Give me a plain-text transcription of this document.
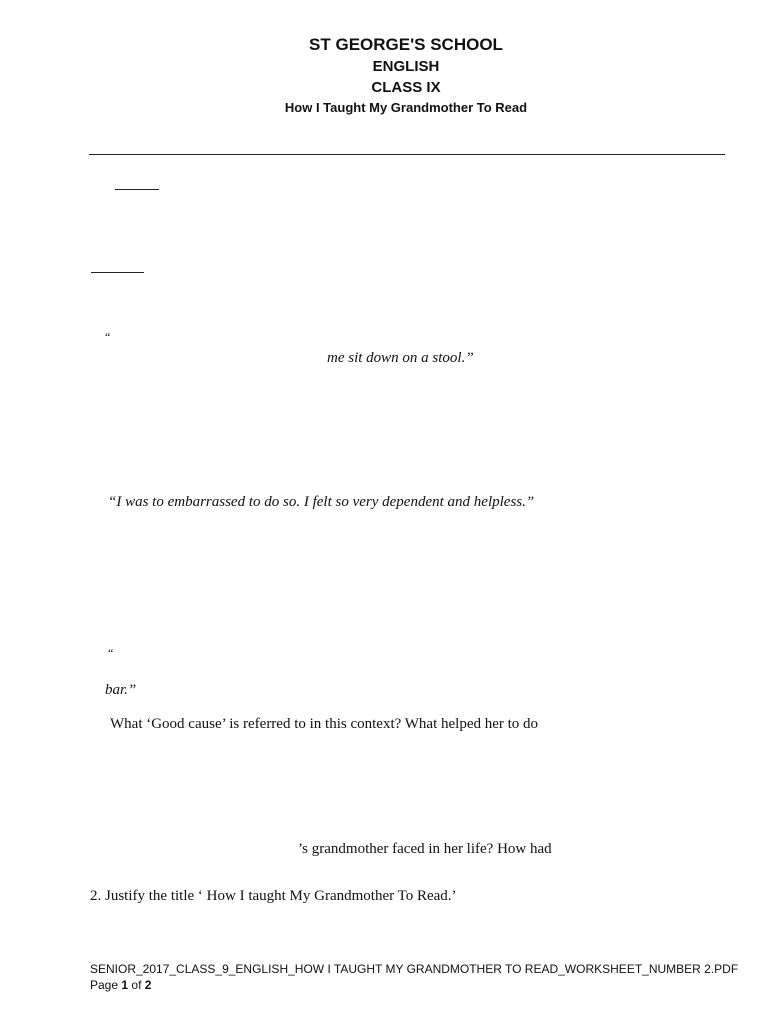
ST GEORGE'S SCHOOL
ENGLISH
CLASS IX
How I Taught My Grandmother To Read
“
me sit down on a stool.”
“I was to embarrassed to do so. I felt so very dependent and helpless.”
“
bar.”
What ‘Good cause’ is referred to in this context? What helped her to do
’s grandmother faced in her life? How had
2. Justify the title ‘ How I taught My Grandmother To Read.’
SENIOR_2017_CLASS_9_ENGLISH_HOW I TAUGHT MY GRANDMOTHER TO READ_WORKSHEET_NUMBER 2.PDF
Page 1 of 2
